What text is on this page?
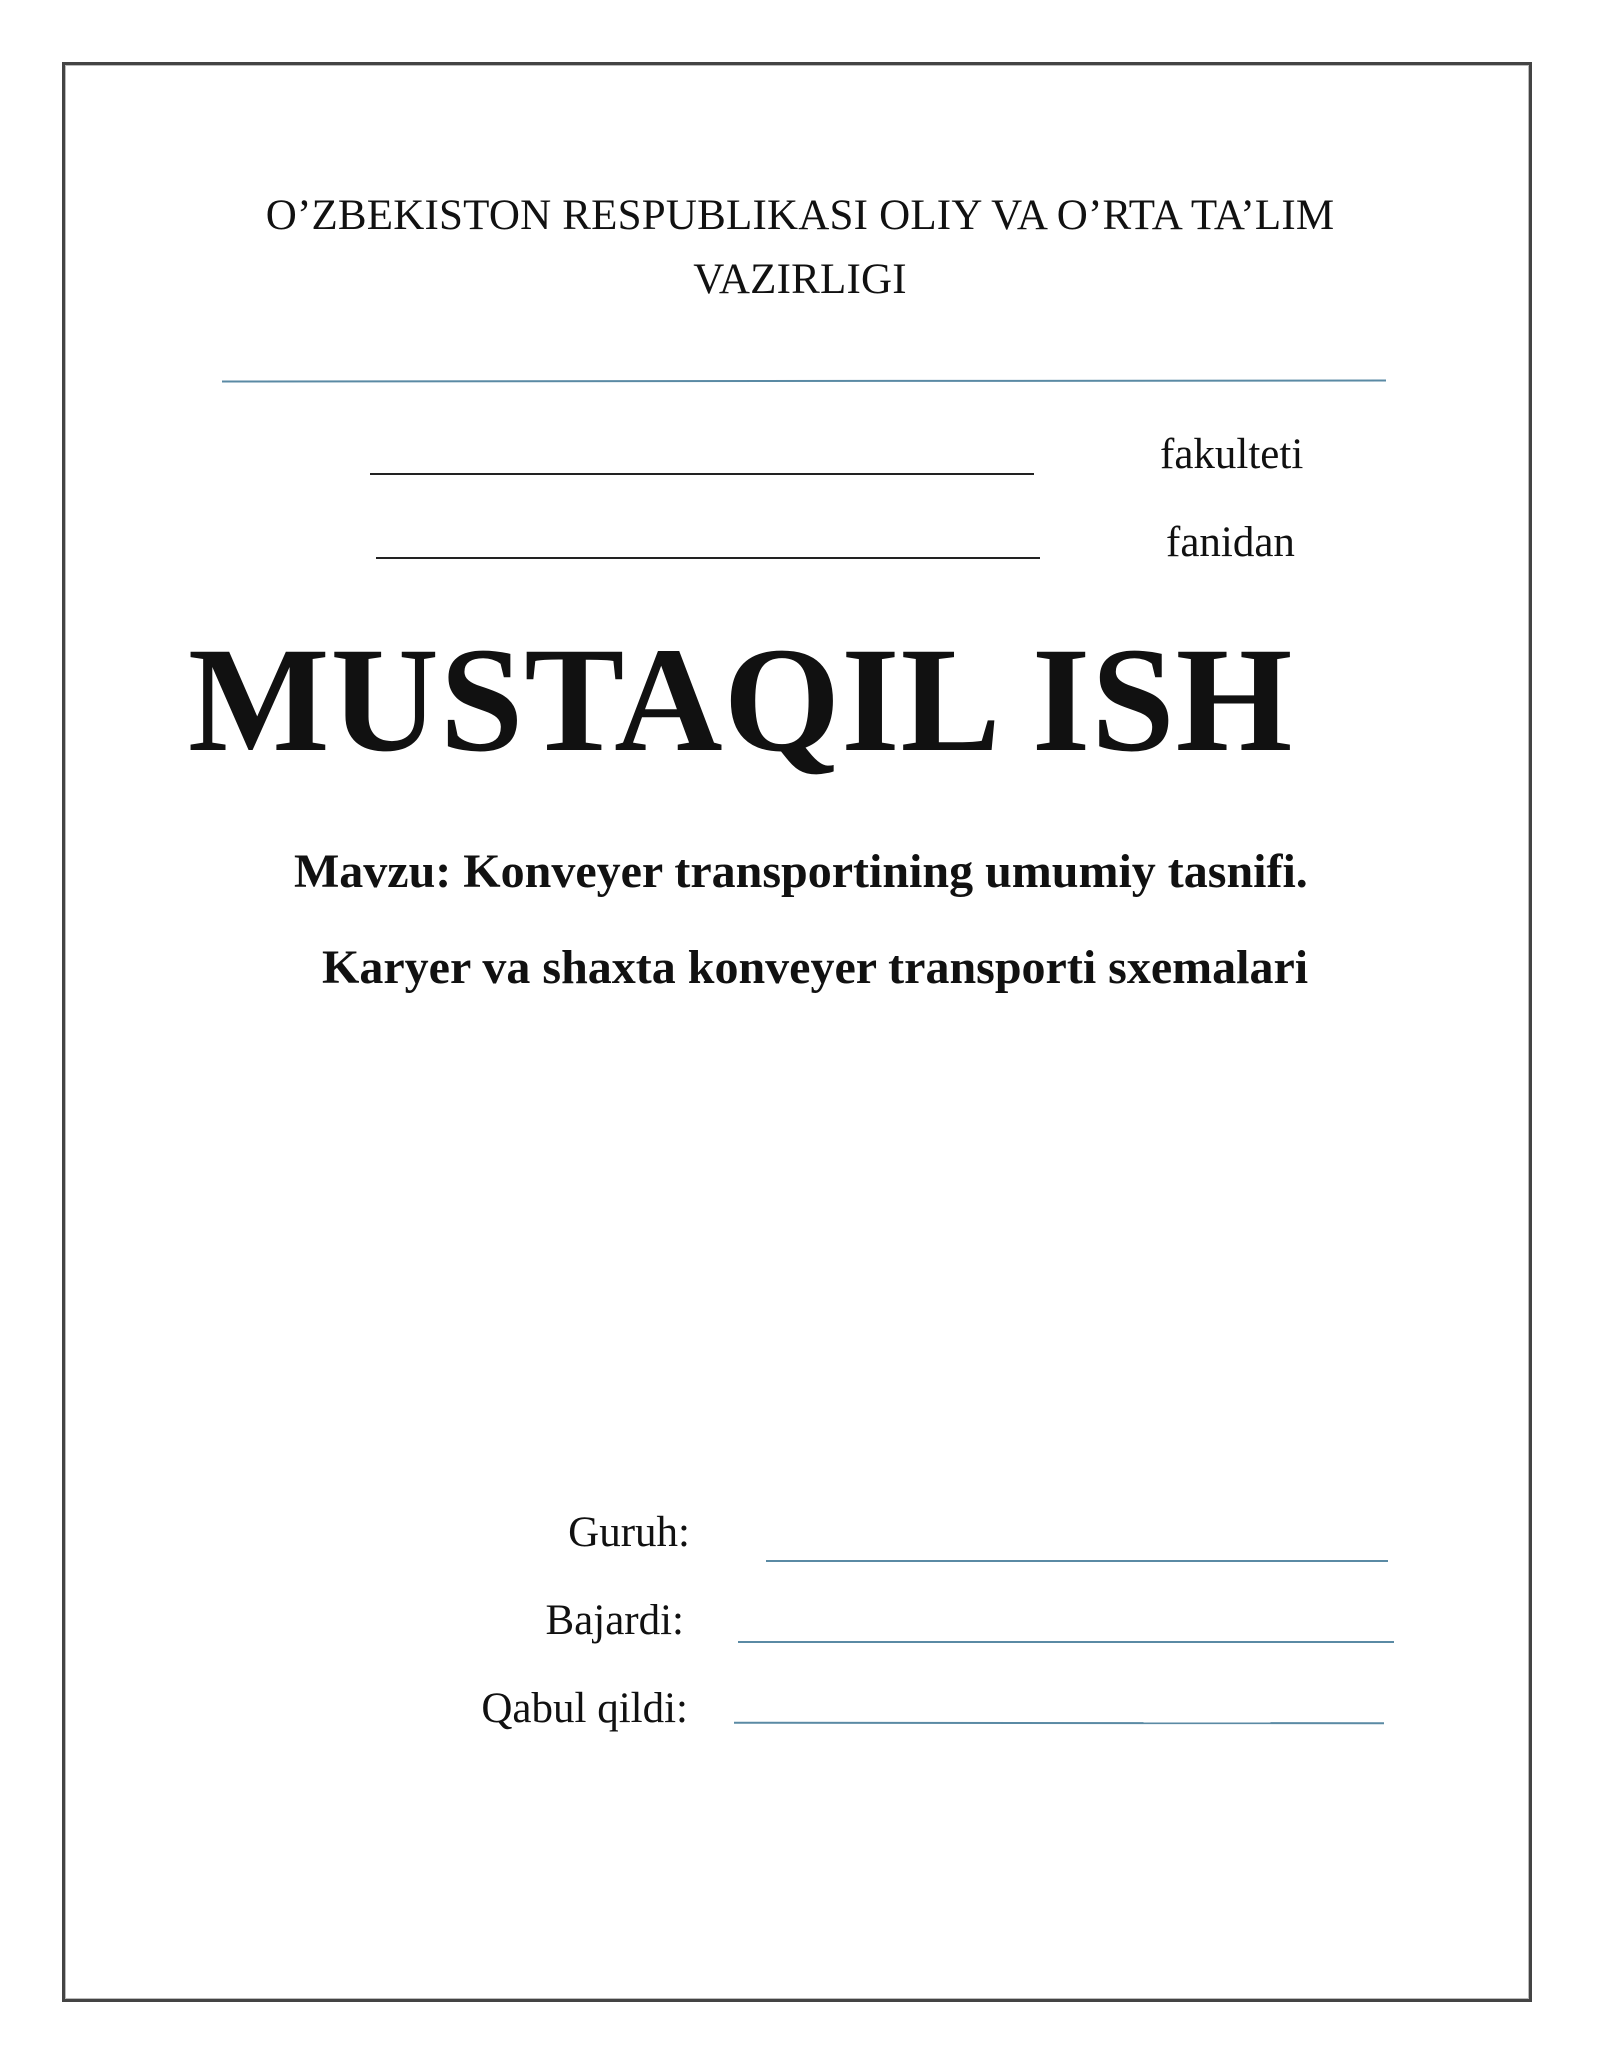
O’ZBEKISTON RESPUBLIKASI OLIY VA O’RTA TA’LIM
VAZIRLIGI
fakulteti
fanidan
MUSTAQIL ISH
Mavzu: Konveyer transportining umumiy tasnifi.
Karyer va shaxta konveyer transporti sxemalari
Guruh:
Bajardi:
Qabul qildi:
